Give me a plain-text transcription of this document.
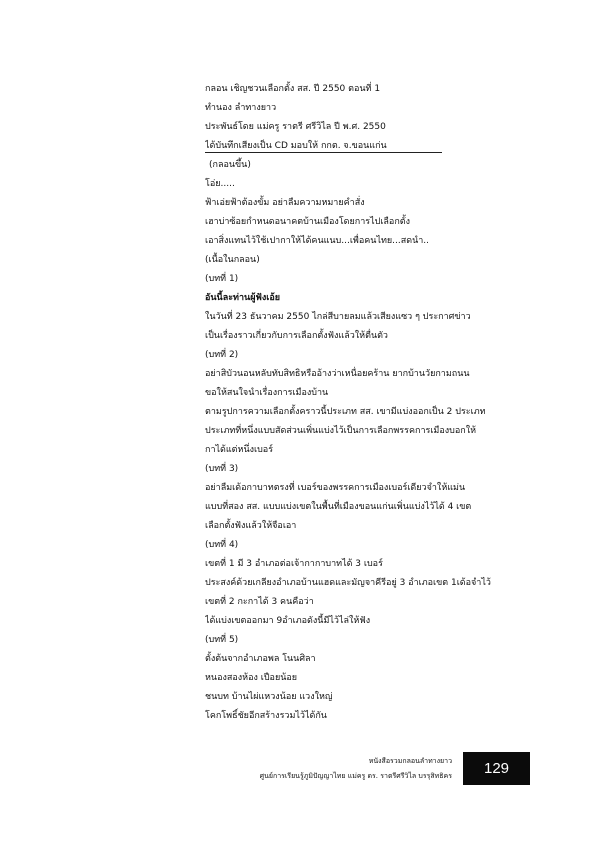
กลอน เชิญชวนเลือกตั้ง สส. ปี 2550 ตอนที่ 1
ทำนอง ลำทางยาว
ประพันธ์โดย แม่ครู ราตรี ศรีวิไล ปี พ.ศ. 2550
ได้บันทึกเสียงเป็น CD มอบให้ กกต. จ.ขอนแก่น
(กลอนขึ้น)
โอ่ย.....
ฟ้าเอ่ยฟ้าต้องขั้ม อย่าลืมความหมายคำสั่ง
เฮาบ่าซ้อยกำหนดอนาคตบ้านเมืองโดยการไปเลือกตั้ง
เอาสิ่งแทนไว้ใช้เปากาให้ได้คนแนบ...เพื่อคนไทย...สดนำ..
(เนื้อในกลอน)
(บทที่ 1)
อันนี้ละท่านผู้ฟังเอ้ย
ในวันที่ 23 ธันวาคม 2550 ไกล่สีบายลมแล้วเสียงแซว ๆ ประกาศข่าว
เป็นเรื่องราวเกี่ยวกับการเลือกตั้งฟังแล้วให้ตื่นตัว
(บทที่ 2)
อย่าสิบัวนอนหลับทับสิทธิหรืออ้างว่าเหนื่อยคร้าน ยากบ้านวัยกามถนน
ขอให้สนใจนำเรื่องการเมืองบ้าน
ตามรูปการความเลือกตั้งคราวนี้ประเภท สส. เขามีแบ่งออกเป็น 2 ประเภท
ประเภทที่หนึ่งแบบสัดส่วนเพิ่นแบ่งไว้เป็นการเลือกพรรคการเมืองบอกให้
กาได้แต่หนึ่งเบอร์
(บทที่ 3)
อย่าลืมเด้อกาบาทตรงที่ เบอร์ของพรรคการเมืองเบอร์เดียวจำให้แม่น
แบบที่สอง สส. แบบแบ่งเขตในพื้นที่เมืองขอนแก่นเพิ่นแบ่งไว้ได้ 4 เขต
เลือกตั้งฟังแล้วให้จือเอา
(บทที่ 4)
เขตที่ 1 มี 3 อำเภอต่อเจ้ากากาบาทได้ 3 เบอร์
ประสงค์ด้วยเกลียงอำเภอบ้านแฮดและมัญจาคีรีอยู่ 3 อำเภอเขต 1เด้อจำไว้
เขตที่ 2 กะกาได้ 3 คนคือว่า
ได้แบ่งเขตออกมา 9อำเภอดังนี้มีไว้ไล่ให้ฟัง
(บทที่ 5)
ตั้งต้นจากอำเภอพล โนนศิลา
หนองสองห้อง เปือยน้อย
ชนบท บ้านไผ่แหวงน้อย แวงใหญ่
โคกโพธิ์ชัยอีกสร้างรวมไว้ได้กัน
หนังสือรวมกลอนลำทางยาว
ศูนย์การเรียนรู้ภูมิปัญญาไทย แม่ครู ดร. ราตรีศรีวิไล บรรุสิทธิคร 129
